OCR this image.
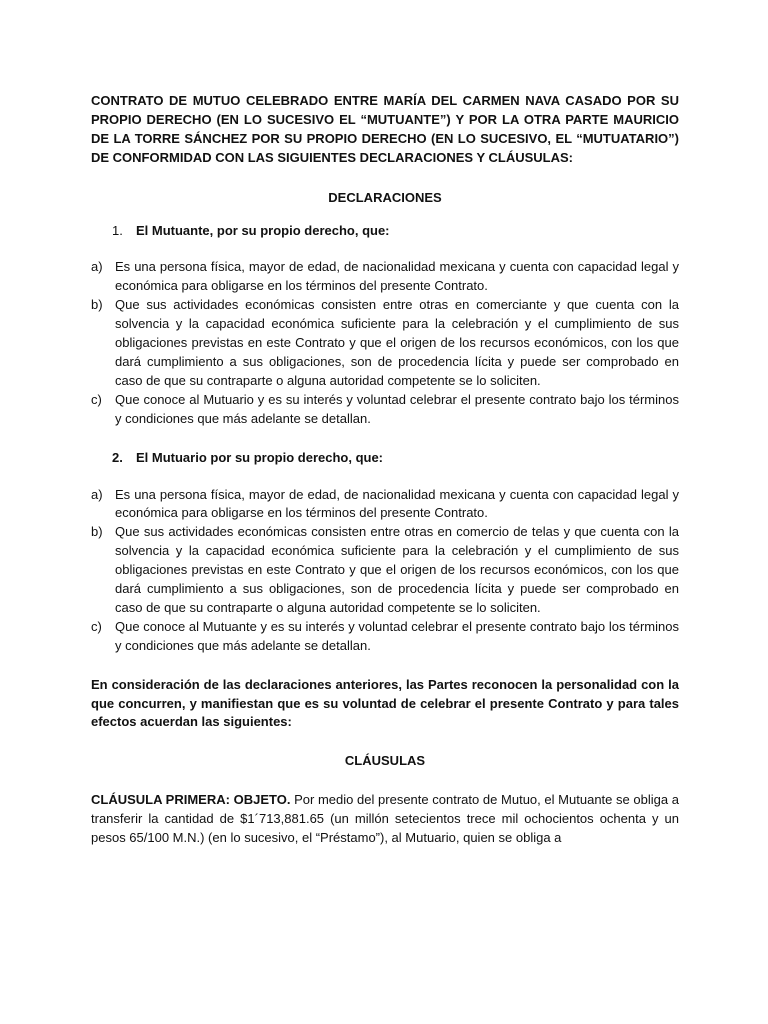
CONTRATO DE MUTUO CELEBRADO ENTRE MARÍA DEL CARMEN NAVA CASADO POR SU PROPIO DERECHO (EN LO SUCESIVO EL “MUTUANTE”) Y POR LA OTRA PARTE MAURICIO DE LA TORRE SÁNCHEZ POR SU PROPIO DERECHO (EN LO SUCESIVO, EL “MUTUATARIO”) DE CONFORMIDAD CON LAS SIGUIENTES DECLARACIONES Y CLÁUSULAS:

DECLARACIONES

1.	El Mutuante, por su propio derecho, que:
a) Es una persona física, mayor de edad, de nacionalidad mexicana y cuenta con capacidad legal y económica para obligarse en los términos del presente Contrato.
b) Que sus actividades económicas consisten entre otras en comerciante y que cuenta con la solvencia y la capacidad económica suficiente para la celebración y el cumplimiento de sus obligaciones previstas en este Contrato y que el origen de los recursos económicos, con los que dará cumplimiento a sus obligaciones, son de procedencia lícita y puede ser comprobado en caso de que su contraparte o alguna autoridad competente se lo soliciten.
c)	Que conoce al Mutuario y es su interés y voluntad celebrar el presente contrato bajo los términos y condiciones que más adelante se detallan.
2.	El Mutuario por su propio derecho, que:
a) Es una persona física, mayor de edad, de nacionalidad mexicana y cuenta con capacidad legal y económica para obligarse en los términos del presente Contrato.
b) Que sus actividades económicas consisten entre otras en comercio de telas y que cuenta con la solvencia y la capacidad económica suficiente para la celebración y el cumplimiento de sus obligaciones previstas en este Contrato y que el origen de los recursos económicos, con los que dará cumplimiento a sus obligaciones, son de procedencia lícita y puede ser comprobado en caso de que su contraparte o alguna autoridad competente se lo soliciten.
c)	Que conoce al Mutuante y es su interés y voluntad celebrar el presente contrato bajo los términos y condiciones que más adelante se detallan.

En consideración de las declaraciones anteriores, las Partes reconocen la personalidad con la que concurren, y manifiestan que es su voluntad de celebrar el presente Contrato y para tales efectos acuerdan las siguientes:

CLÁUSULAS

CLÁUSULA PRIMERA: OBJETO. Por medio del presente contrato de Mutuo, el Mutuante se obliga a transferir la cantidad de $1´713,881.65 (un millón setecientos trece mil ochocientos ochenta y un pesos 65/100 M.N.) (en lo sucesivo, el “Préstamo”), al Mutuario, quien se obliga a
